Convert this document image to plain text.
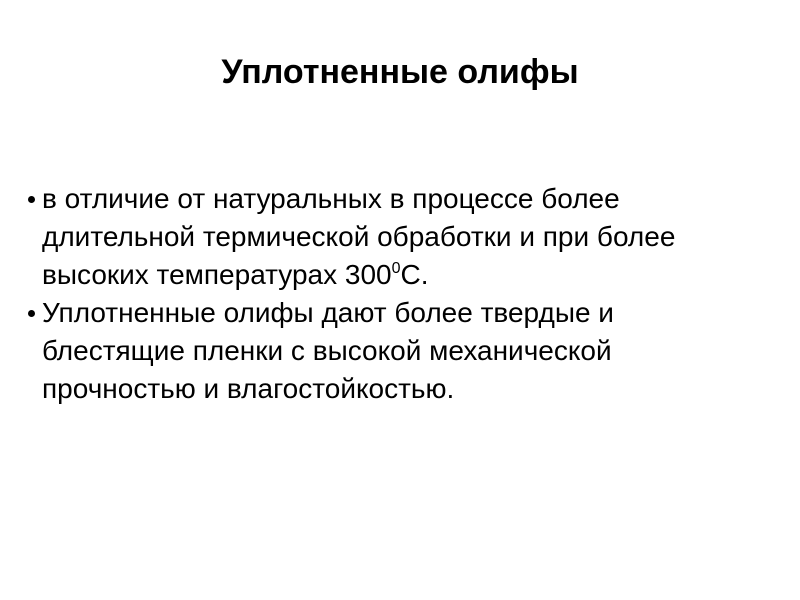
Уплотненные олифы
в отличие от натуральных в процессе более длительной термической обработки и при более высоких температурах $300^0С$.
Уплотненные олифы дают более твердые и блестящие пленки с высокой механической прочностью и влагостойкостью.
